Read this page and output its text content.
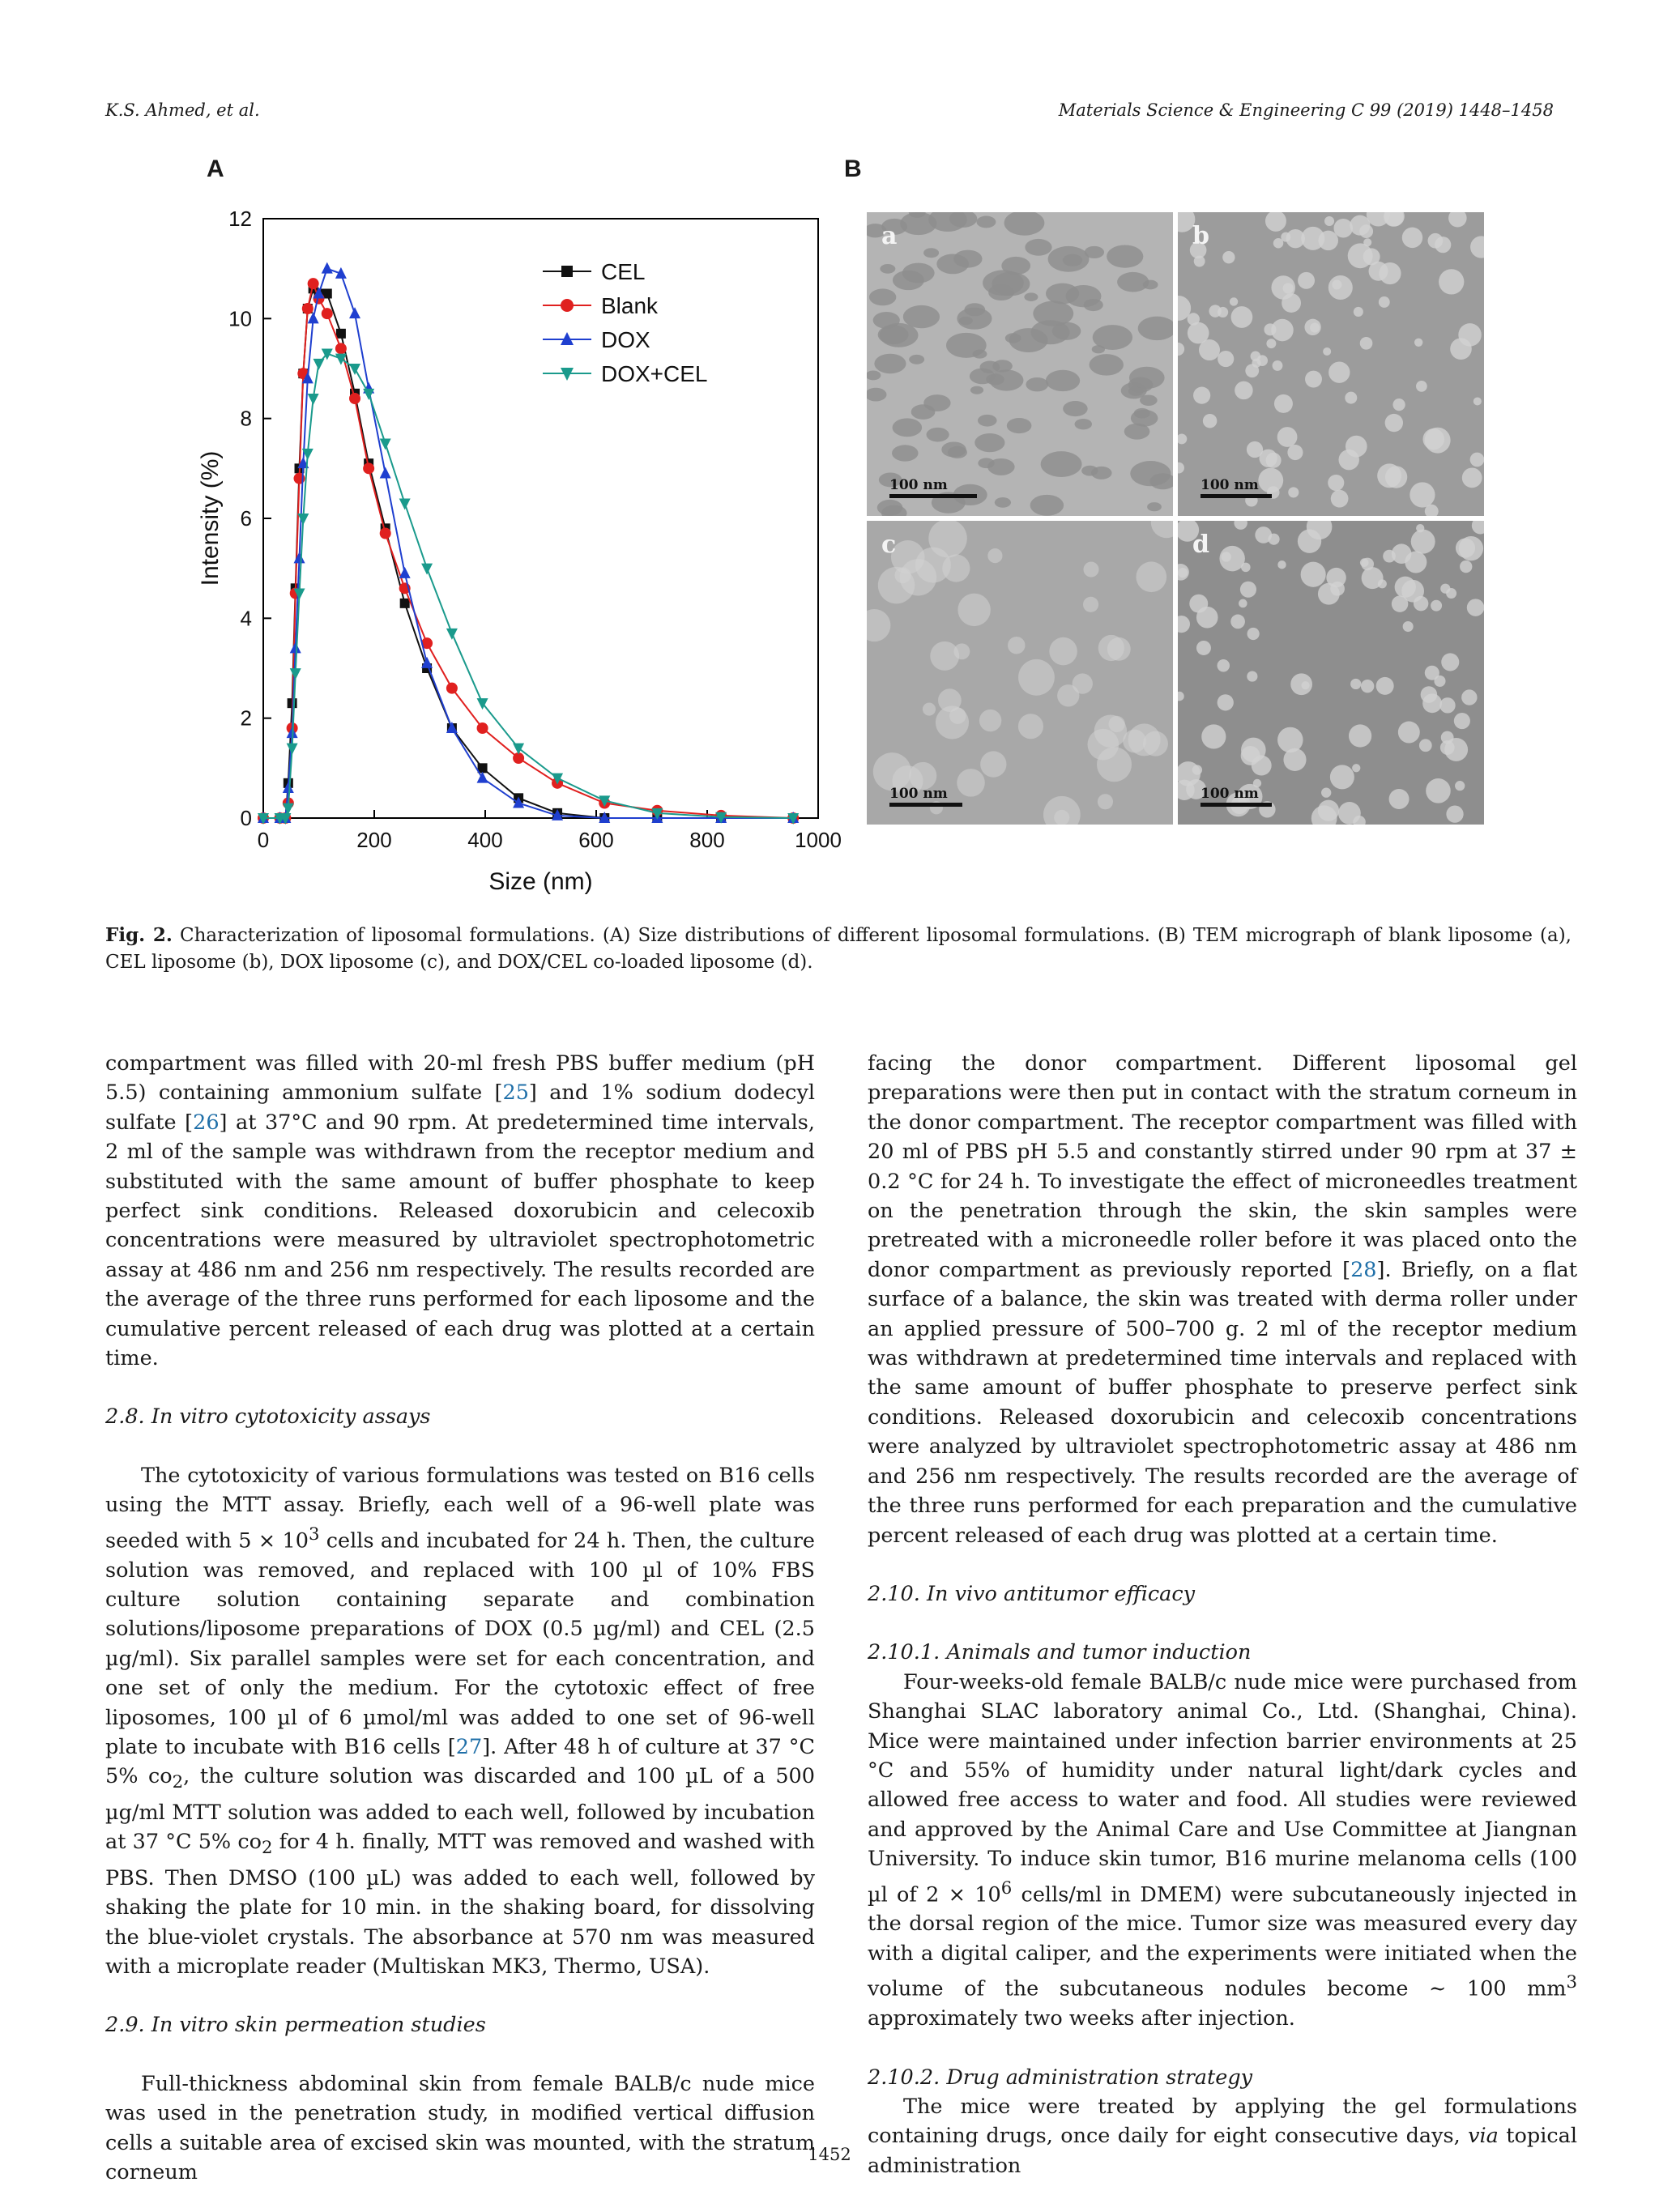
K.S. Ahmed, et al.	Materials Science & Engineering C 99 (2019) 1448–1458
A	B
0	200	400	600	800	1000
0
2
4
6
8
10
12
Size (nm)
Intensity (%)
CEL
Blank
DOX
DOX+CEL
a
100 nm
b
100 nm
c
100 nm
d
100 nm
Fig. 2. Characterization of liposomal formulations. (A) Size distributions of different liposomal formulations. (B) TEM micrograph of blank liposome (a), CEL liposome (b), DOX liposome (c), and DOX/CEL co-loaded liposome (d).

compartment was filled with 20-ml fresh PBS buffer medium (pH 5.5) containing ammonium sulfate [25] and 1% sodium dodecyl sulfate [26] at 37°C and 90 rpm. At predetermined time intervals, 2 ml of the sample was withdrawn from the receptor medium and substituted with the same amount of buffer phosphate to keep perfect sink conditions. Released doxorubicin and celecoxib concentrations were measured by ultraviolet spectrophotometric assay at 486 nm and 256 nm respectively. The results recorded are the average of the three runs performed for each liposome and the cumulative percent released of each drug was plotted at a certain time.

2.8. In vitro cytotoxicity assays

The cytotoxicity of various formulations was tested on B16 cells using the MTT assay. Briefly, each well of a 96-well plate was seeded with $5 \times 10^3$ cells and incubated for 24 h. Then, the culture solution was removed, and replaced with 100 µl of 10% FBS culture solution containing separate and combination solutions/liposome preparations of DOX (0.5 µg/ml) and CEL (2.5 µg/ml). Six parallel samples were set for each concentration, and one set of only the medium. For the cytotoxic effect of free liposomes, 100 µl of 6 µmol/ml was added to one set of 96-well plate to incubate with B16 cells [27]. After 48 h of culture at 37 °C 5% $co_2$, the culture solution was discarded and 100 µL of a 500 µg/ml MTT solution was added to each well, followed by incubation at 37 °C 5% $co_2$ for 4 h. finally, MTT was removed and washed with PBS. Then DMSO (100 µL) was added to each well, followed by shaking the plate for 10 min. in the shaking board, for dissolving the blue-violet crystals. The absorbance at 570 nm was measured with a microplate reader (Multiskan MK3, Thermo, USA).

2.9. In vitro skin permeation studies

Full-thickness abdominal skin from female BALB/c nude mice was used in the penetration study, in modified vertical diffusion cells a suitable area of excised skin was mounted, with the stratum corneum

facing the donor compartment. Different liposomal gel preparations were then put in contact with the stratum corneum in the donor compartment. The receptor compartment was filled with 20 ml of PBS pH 5.5 and constantly stirred under 90 rpm at 37 ± 0.2 °C for 24 h. To investigate the effect of microneedles treatment on the penetration through the skin, the skin samples were pretreated with a microneedle roller before it was placed onto the donor compartment as previously reported [28]. Briefly, on a flat surface of a balance, the skin was treated with derma roller under an applied pressure of 500–700 g. 2 ml of the receptor medium was withdrawn at predetermined time intervals and replaced with the same amount of buffer phosphate to preserve perfect sink conditions. Released doxorubicin and celecoxib concentrations were analyzed by ultraviolet spectrophotometric assay at 486 nm and 256 nm respectively. The results recorded are the average of the three runs performed for each preparation and the cumulative percent released of each drug was plotted at a certain time.

2.10. In vivo antitumor efficacy

2.10.1. Animals and tumor induction

Four-weeks-old female BALB/c nude mice were purchased from Shanghai SLAC laboratory animal Co., Ltd. (Shanghai, China). Mice were maintained under infection barrier environments at 25 °C and 55% of humidity under natural light/dark cycles and allowed free access to water and food. All studies were reviewed and approved by the Animal Care and Use Committee at Jiangnan University. To induce skin tumor, B16 murine melanoma cells (100 µl of $2 \times 10^6$ cells/ml in DMEM) were subcutaneously injected in the dorsal region of the mice. Tumor size was measured every day with a digital caliper, and the experiments were initiated when the volume of the subcutaneous nodules become ∼ 100 $mm^3$ approximately two weeks after injection.

2.10.2. Drug administration strategy

The mice were treated by applying the gel formulations containing drugs, once daily for eight consecutive days, via topical administration

1452
